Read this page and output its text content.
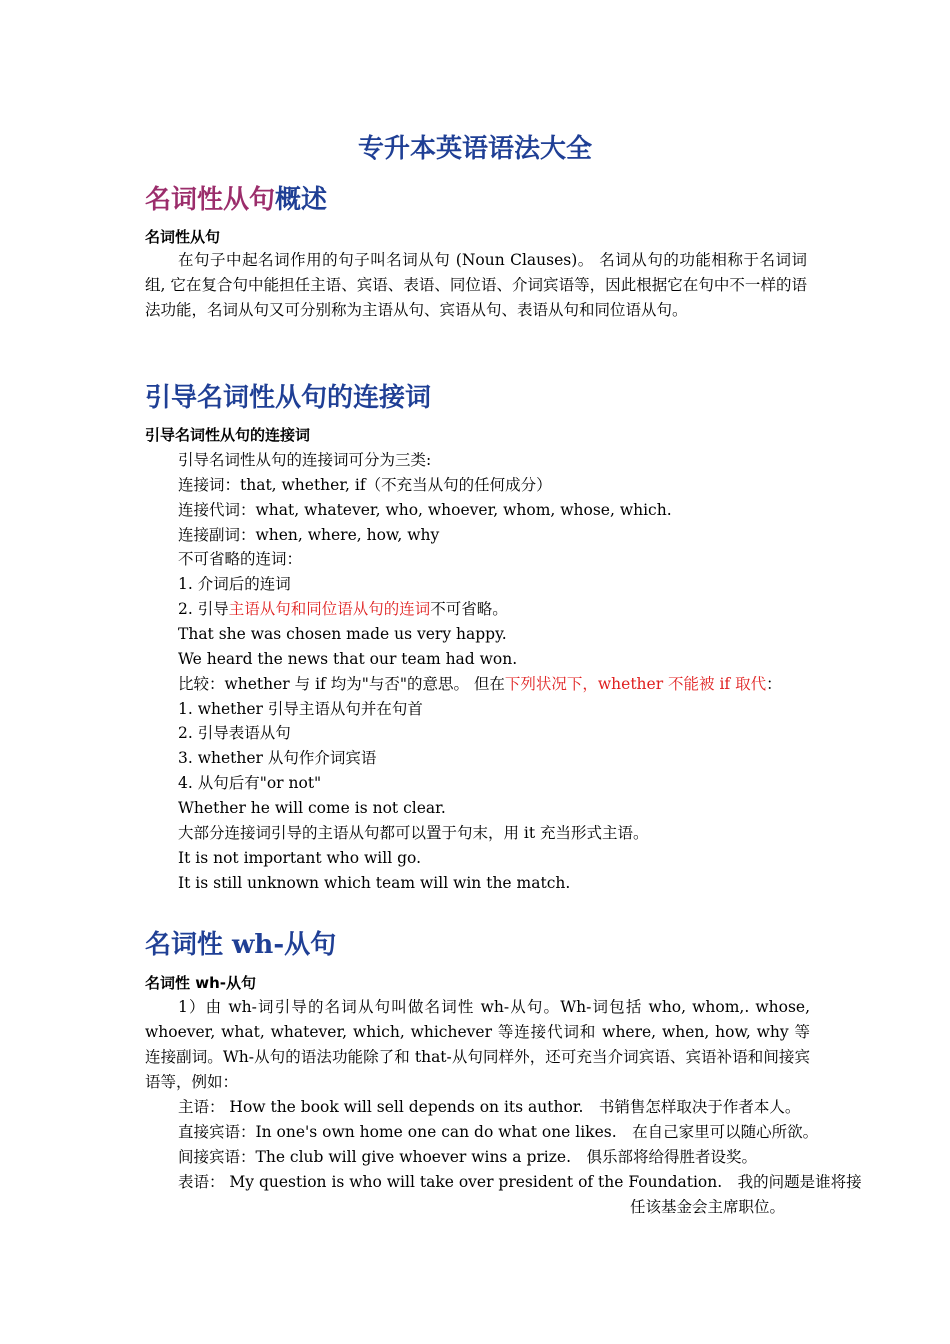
专升本英语语法大全
名词性从句概述
名词性从句
在句子中起名词作用的句子叫名词从句 (Noun Clauses)。 名词从句的功能相称于名词词组, 它在复合句中能担任主语、宾语、表语、同位语、介词宾语等，因此根据它在句中不一样的语法功能，名词从句又可分别称为主语从句、宾语从句、表语从句和同位语从句。
引导名词性从句的连接词
引导名词性从句的连接词
引导名词性从句的连接词可分为三类:
连接词：that, whether, if（不充当从句的任何成分）
连接代词：what, whatever, who, whoever, whom, whose, which.
连接副词：when, where, how, why
不可省略的连词：
1. 介词后的连词
2. 引导主语从句和同位语从句的连词不可省略。
That she was chosen made us very happy.
We heard the news that our team had won.
比较：whether 与 if 均为"与否"的意思。 但在下列状况下，whether 不能被 if 取代：
1. whether 引导主语从句并在句首
2. 引导表语从句
3. whether 从句作介词宾语
4. 从句后有"or not"
Whether he will come is not clear.
大部分连接词引导的主语从句都可以置于句末，用 it 充当形式主语。
It is not important who will go.
It is still unknown which team will win the match.
名词性 wh-从句
名词性 wh-从句
1）由 wh-词引导的名词从句叫做名词性 wh-从句。Wh-词包括 who, whom,. whose, whoever, what, whatever, which, whichever 等连接代词和 where, when, how, why 等连接副词。Wh-从句的语法功能除了和 that-从句同样外，还可充当介词宾语、宾语补语和间接宾语等，例如：
主语： How the book will sell depends on its author.　书销售怎样取决于作者本人。
直接宾语：In one's own home one can do what one likes.　在自己家里可以随心所欲。
间接宾语：The club will give whoever wins a prize.　俱乐部将给得胜者设奖。
表语： My question is who will take over president of the Foundation.　我的问题是谁将接
任该基金会主席职位。
